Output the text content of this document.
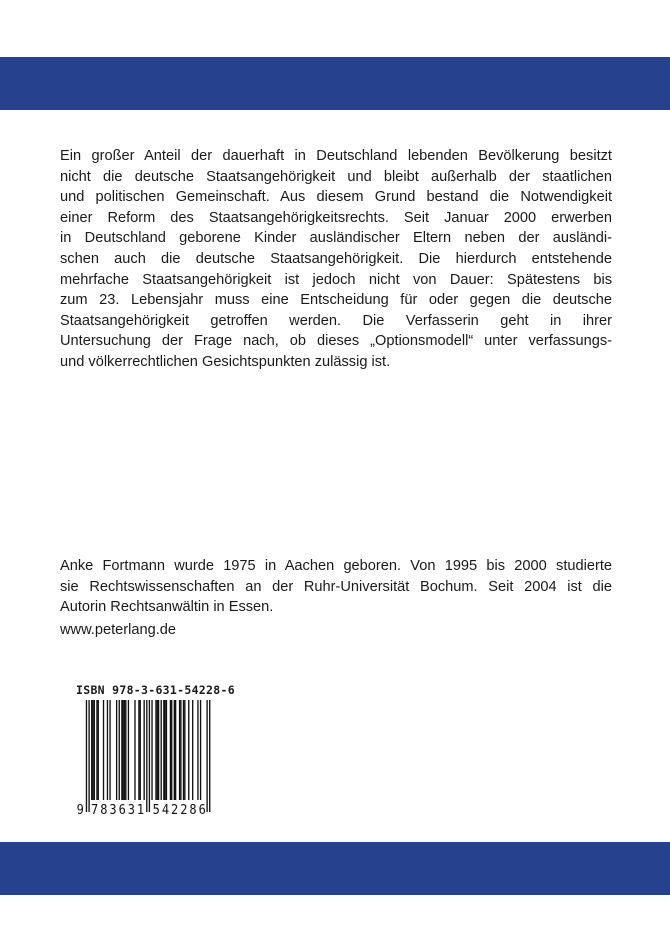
Ein großer Anteil der dauerhaft in Deutschland lebenden Bevölkerung besitzt
nicht die deutsche Staatsangehörigkeit und bleibt außerhalb der staatlichen
und politischen Gemeinschaft. Aus diesem Grund bestand die Notwendigkeit
einer Reform des Staatsangehörigkeitsrechts. Seit Januar 2000 erwerben
in Deutschland geborene Kinder ausländischer Eltern neben der ausländi-
schen auch die deutsche Staatsangehörigkeit. Die hierdurch entstehende
mehrfache Staatsangehörigkeit ist jedoch nicht von Dauer: Spätestens bis
zum 23. Lebensjahr muss eine Entscheidung für oder gegen die deutsche
Staatsangehörigkeit getroffen werden. Die Verfasserin geht in ihrer
Untersuchung der Frage nach, ob dieses „Optionsmodell“ unter verfassungs-
und völkerrechtlichen Gesichtspunkten zulässig ist.
Anke Fortmann wurde 1975 in Aachen geboren. Von 1995 bis 2000 studierte
sie Rechtswissenschaften an der Ruhr-Universität Bochum. Seit 2004 ist die
Autorin Rechtsanwältin in Essen.
www.peterlang.de
ISBN 978-3-631-54228-6
9 7 8 3 6 3 1 5 4 2 2 8 6
